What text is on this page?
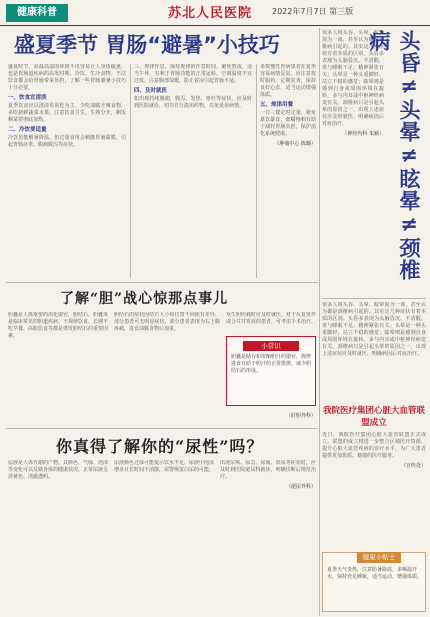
健康科普	苏北人民医院	2022年7月7日 第三版
盛夏季节 胃肠“避暑”小技巧
盛夏时节，高温高湿的环境不仅容易让人身体疲惫，也是胃肠道疾病的高发时期。冷饮、生冷食物、不洁饮食都会给胃肠带来负担，了解一些胃肠避暑小技巧十分必要。
一、饮食宜清淡
夏季饮食应以清淡易消化为主，少吃油腻辛辣食物，多吃新鲜蔬菜水果，注意饮食卫生，生熟分开，剩饭剩菜要彻底加热。
二、冷饮要适量
冷饮虽能解暑降温，但过量食用会刺激胃肠黏膜，引起胃肠痉挛、腹痛腹泻等症状。
三、规律作息。保持规律的作息时间，避免熬夜，适当午休，有利于胃肠功能的正常运转。空调温度不宜过低，注意腹部保暖，防止着凉引起胃肠不适。
四、及时就医
如出现持续腹痛、腹泻、发热、呕吐等症状，应及时到医院就诊，切勿自行滥用药物，以免延误病情。
多数慢性胃病患者在夏季容易病情反复，应注意按时服药，定期复查，保持良好心态，适当运动增强体质。
五、规律用餐
一日三餐定时定量，避免暴饮暴食，细嚼慢咽有助于减轻胃肠负担，保护消化系统健康。
（肿瘤中心 陈璐）
很多人将头昏、头晕、眩晕混为一谈，甚至认为都是颈椎病引起的。其实这几种症状有着本质的区别。头昏多表现为头脑昏沉、不清醒，常与睡眠不足、精神紧张有关；头晕是一种头重脚轻、站立不稳的感觉；眩晕则是感到自身或周围环境在旋转，多与内耳或中枢神经病变有关。颈椎病只是引起头晕的原因之一，出现上述症状应及时就医，明确病因后对症治疗。
（神经内科 朱颖） 头昏≠头晕≠眩晕≠颈椎病
了解“胆”战心惊那点事儿
胆囊是人体重要的消化器官，胆结石、胆囊炎是临床常见的胆道疾病。不规律饮食、长期不吃早餐、高脂饮食等都是诱发胆结石的重要因素。
胆结石的症状因结石大小和位置不同而有差异，部分患者可无明显症状，部分患者表现为右上腹疼痛，进食油腻食物后加重。
发生胆绞痛时应及时就医，对于反复发作或合并并发症的患者，可考虑手术治疗。
小常识
胆囊是储存和浓缩胆汁的器官，规律进食有助于胆汁的正常排泄，减少胆结石的形成。
（肝胆外科）
你真得了解你的“尿性”吗？
尿液是人体代谢的产物，其颜色、气味、泡沫等变化可以反映身体的健康状况。正常尿液呈淡黄色、清澈透明。
尿液颜色过深可能提示饮水不足，尿液中泡沫增多且长时间不消散，需警惕蛋白尿的可能。
出现尿频、尿急、尿痛、血尿等症状时，应及时到医院泌尿科就诊，明确诊断后规范治疗。
（泌尿外科）
很多人将头昏、头晕、眩晕混为一谈，甚至认为都是颈椎病引起的。其实这几种症状有着本质的区别。头昏多表现为头脑昏沉、不清醒，常与睡眠不足、精神紧张有关；头晕是一种头重脚轻、站立不稳的感觉；眩晕则是感到自身或周围环境在旋转，多与内耳或中枢神经病变有关。颈椎病只是引起头晕的原因之一，出现上述症状应及时就医，明确病因后对症治疗。
我院医疗集团心脏大血管联盟成立
近日，我院医疗集团心脏大血管联盟正式成立。联盟的成立将进一步整合区域医疗资源，提升心脏大血管疾病的诊疗水平，为广大患者提供更加优质、便捷的医疗服务。
（宣传处）
健康小贴士
夏季天气炎热，注意防暑降温，多喝温开水，保持充足睡眠，适当运动，增强体质。
